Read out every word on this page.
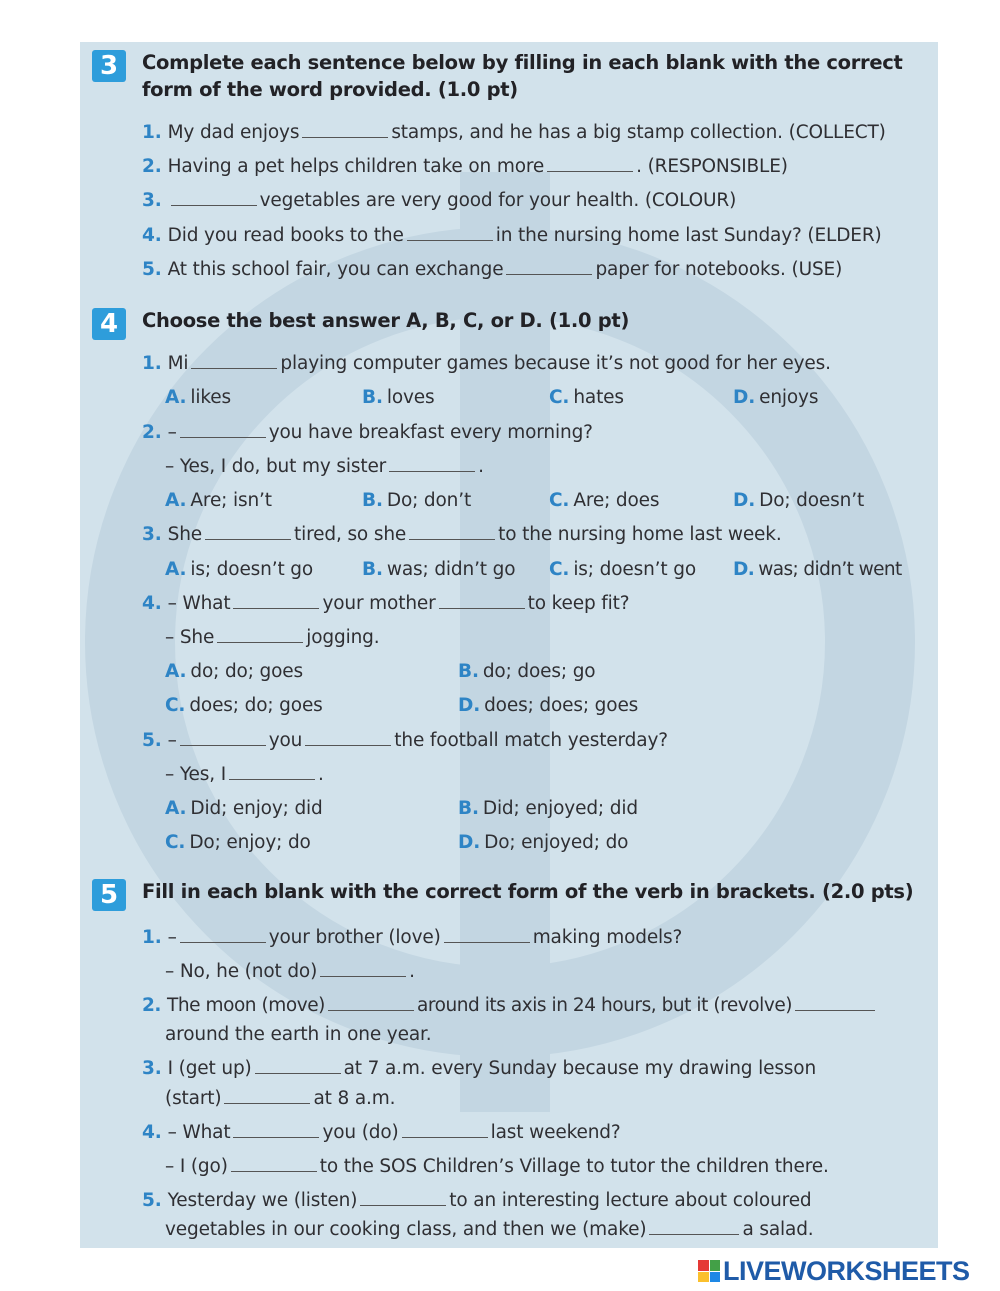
3	Complete each sentence below by filling in each blank with the correct
form of the word provided. (1.0 pt)
1. My dad enjoys	stamps, and he has a big stamp collection. (COLLECT)
2. Having a pet helps children take on more	. (RESPONSIBLE)
3.	vegetables are very good for your health. (COLOUR)
4. Did you read books to the	in the nursing home last Sunday? (ELDER)
5. At this school fair, you can exchange	paper for notebooks. (USE)
4	Choose the best answer A, B, C, or D. (1.0 pt)
1. Mi	playing computer games because it’s not good for her eyes.
A. likes	B. loves	C. hates	D. enjoys
2. –	you have breakfast every morning?
– Yes, I do, but my sister	.
A. Are; isn’t	B. Do; don’t	C. Are; does	D. Do; doesn’t
3. She	tired, so she	to the nursing home last week.
A. is; doesn’t go	B. was; didn’t go C. is; doesn’t go D. was; didn’t went
4. – What	your mother	to keep fit?
– She	jogging.
A. do; do; goes	B. do; does; go
C. does; do; goes	D. does; does; goes
5. –	you	the football match yesterday?
– Yes, I	.
A. Did; enjoy; did	B. Did; enjoyed; did
C. Do; enjoy; do	D. Do; enjoyed; do
5	Fill in each blank with the correct form of the verb in brackets. (2.0 pts)
1. –	your brother (love)	making models?
– No, he (not do)	.
2. The moon (move)	around its axis in 24 hours, but it (revolve)
around the earth in one year.
3. I (get up)	at 7 a.m. every Sunday because my drawing lesson
(start)	at 8 a.m.
4. – What	you (do)	last weekend?
– I (go)	to the SOS Children’s Village to tutor the children there.
5. Yesterday we (listen)	to an interesting lecture about coloured
vegetables in our cooking class, and then we (make)	a salad.
LIVEWORKSHEETS
